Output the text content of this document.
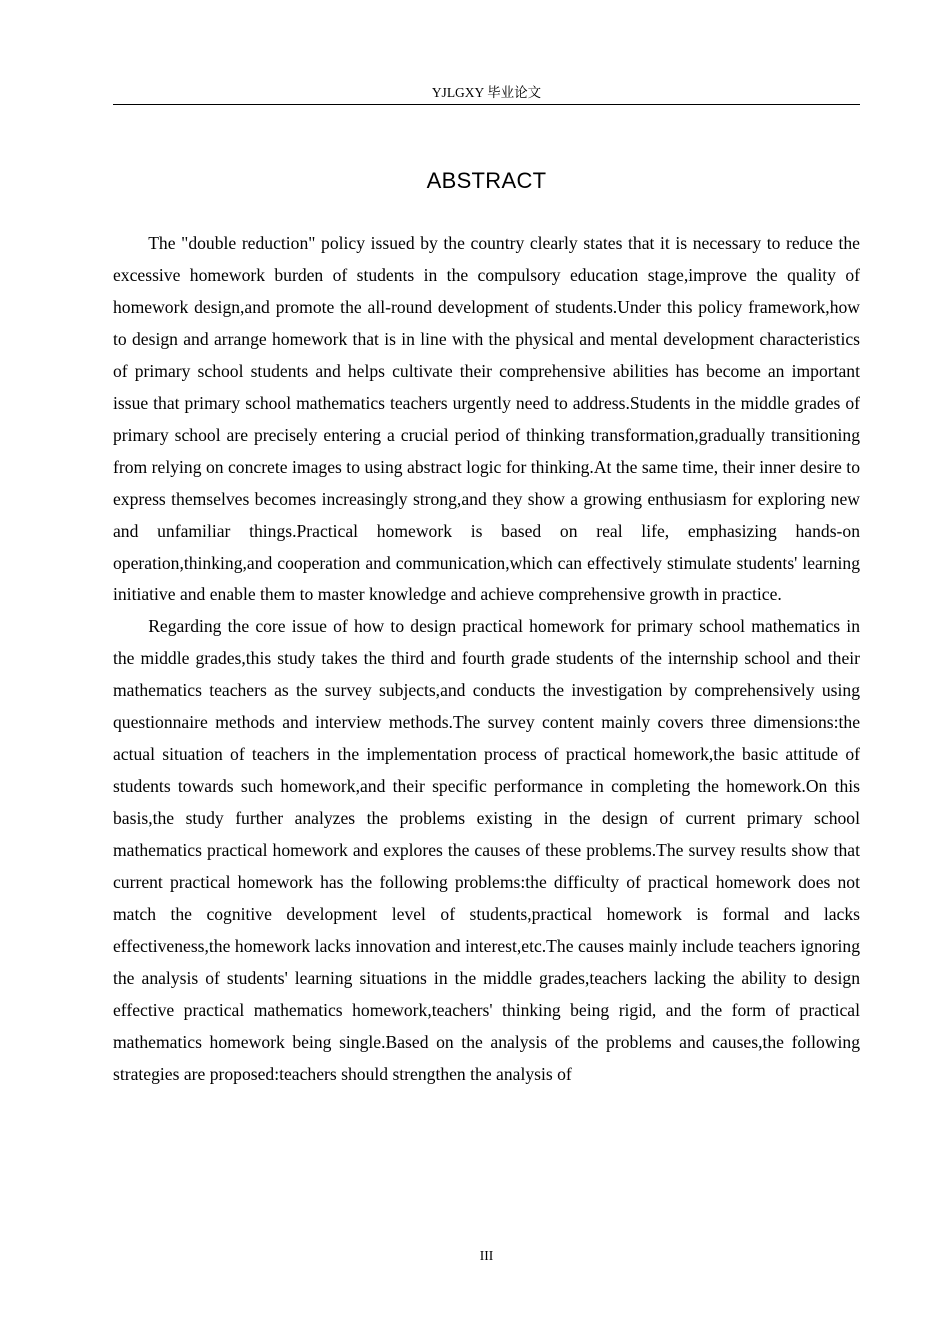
YJLGXY 毕业论文
ABSTRACT

The "double reduction" policy issued by the country clearly states that it is necessary to reduce the excessive homework burden of students in the compulsory education stage,improve the quality of homework design,and promote the all-round development of students.Under this policy framework,how to design and arrange homework that is in line with the physical and mental development characteristics of primary school students and helps cultivate their comprehensive abilities has become an important issue that primary school mathematics teachers urgently need to address.Students in the middle grades of primary school are precisely entering a crucial period of thinking transformation,gradually transitioning from relying on concrete images to using abstract logic for thinking.At the same time, their inner desire to express themselves becomes increasingly strong,and they show a growing enthusiasm for exploring new and unfamiliar things.Practical homework is based on real life, emphasizing hands-on operation,thinking,and cooperation and communication,which can effectively stimulate students' learning initiative and enable them to master knowledge and achieve comprehensive growth in practice.

Regarding the core issue of how to design practical homework for primary school mathematics in the middle grades,this study takes the third and fourth grade students of the internship school and their mathematics teachers as the survey subjects,and conducts the investigation by comprehensively using questionnaire methods and interview methods.The survey content mainly covers three dimensions:the actual situation of teachers in the implementation process of practical homework,the basic attitude of students towards such homework,and their specific performance in completing the homework.On this basis,the study further analyzes the problems existing in the design of current primary school mathematics practical homework and explores the causes of these problems.The survey results show that current practical homework has the following problems:the difficulty of practical homework does not match the cognitive development level of students,practical homework is formal and lacks effectiveness,the homework lacks innovation and interest,etc.The causes mainly include teachers ignoring the analysis of students' learning situations in the middle grades,teachers lacking the ability to design effective practical mathematics homework,teachers' thinking being rigid, and the form of practical mathematics homework being single.Based on the analysis of the problems and causes,the following strategies are proposed:teachers should strengthen the analysis of

III
